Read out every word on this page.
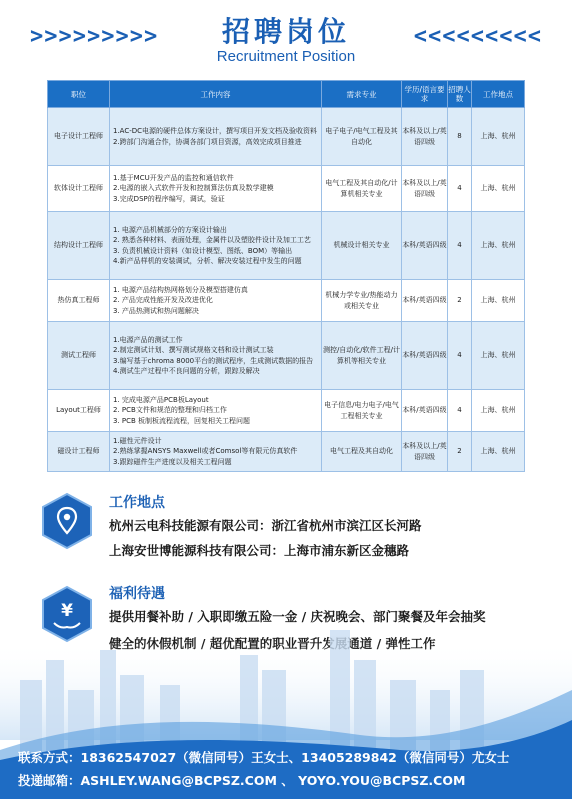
>>>>>>>>>	招聘岗位
Recruitment Position
<<<<<<<<<
职位	工作内容	需求专业	学历/语言要求	招聘人数	工作地点
电子设计工程师	1.AC-DC电源的硬件总体方案设计，撰写项目开发文档及验收资料
2.跨部门沟通合作，协调各部门项目资源，高效完成项目推进	电子电子/电气工程及其自动化	本科及以上/英语四级	8	上海、杭州
软体设计工程师	1.基于MCU开发产品的监控和通信软件
2.电源的嵌入式软件开发和控制算法仿真及数学建模
3.完成DSP的程序编写，调试，验证	电气工程及其自动化/计算机相关专业	本科及以上/英语四级	4	上海、杭州
结构设计工程师	1. 电源产品机械部分的方案设计输出
2. 熟悉各种材料、表面处理，金属件以及塑胶件设计及加工工艺
3. 负责机械设计资料（如设计模型、图纸、BOM）等输出
4.新产品样机的安装调试，分析、解决安装过程中发生的问题	机械设计相关专业	本科/英语四级	4	上海、杭州
热仿真工程师	1. 电源产品结构热网格划分及模型搭建仿真
2. 产品完成性能开发及改进优化
3. 产品热测试和热问题解决	机械力学专业/热能动力或相关专业	本科/英语四级	2	上海、杭州
测试工程师	1.电源产品的测试工作
2.制定测试计划、撰写测试规格文档和设计测试工装
3.编写基于chroma 8000平台的测试程序，生成测试数据的报告
4.测试生产过程中不良问题的分析，跟踪及解决	测控/自动化/软件工程/计算机等相关专业	本科/英语四级	4	上海、杭州
Layout工程师	1. 完成电源产品PCB板Layout
2. PCB文件和规范的整理和归档工作
3. PCB 板制板流程流程，回复相关工程问题	电子信息/电力电子/电气工程相关专业	本科/英语四级	4	上海、杭州
磁设计工程师	1.磁性元件设计
2.熟练掌握ANSYS Maxwell或者Comsol等有限元仿真软件
3.跟踪磁件生产进度以及相关工程问题	电气工程及其自动化	本科及以上/英语四级	2	上海、杭州
工作地点
杭州云电科技能源有限公司：浙江省杭州市滨江区长河路
上海安世博能源科技有限公司：上海市浦东新区金穗路
¥
福利待遇
提供用餐补助 / 入职即缴五险一金 / 庆祝晚会、部门聚餐及年会抽奖
联系方式：18362547027（微信同号）王女士、13405289842（微信同号）尤女士
投递邮箱：ASHLEY.WANG@BCPSZ.COM 、 YOYO.YOU@BCPSZ.COM
